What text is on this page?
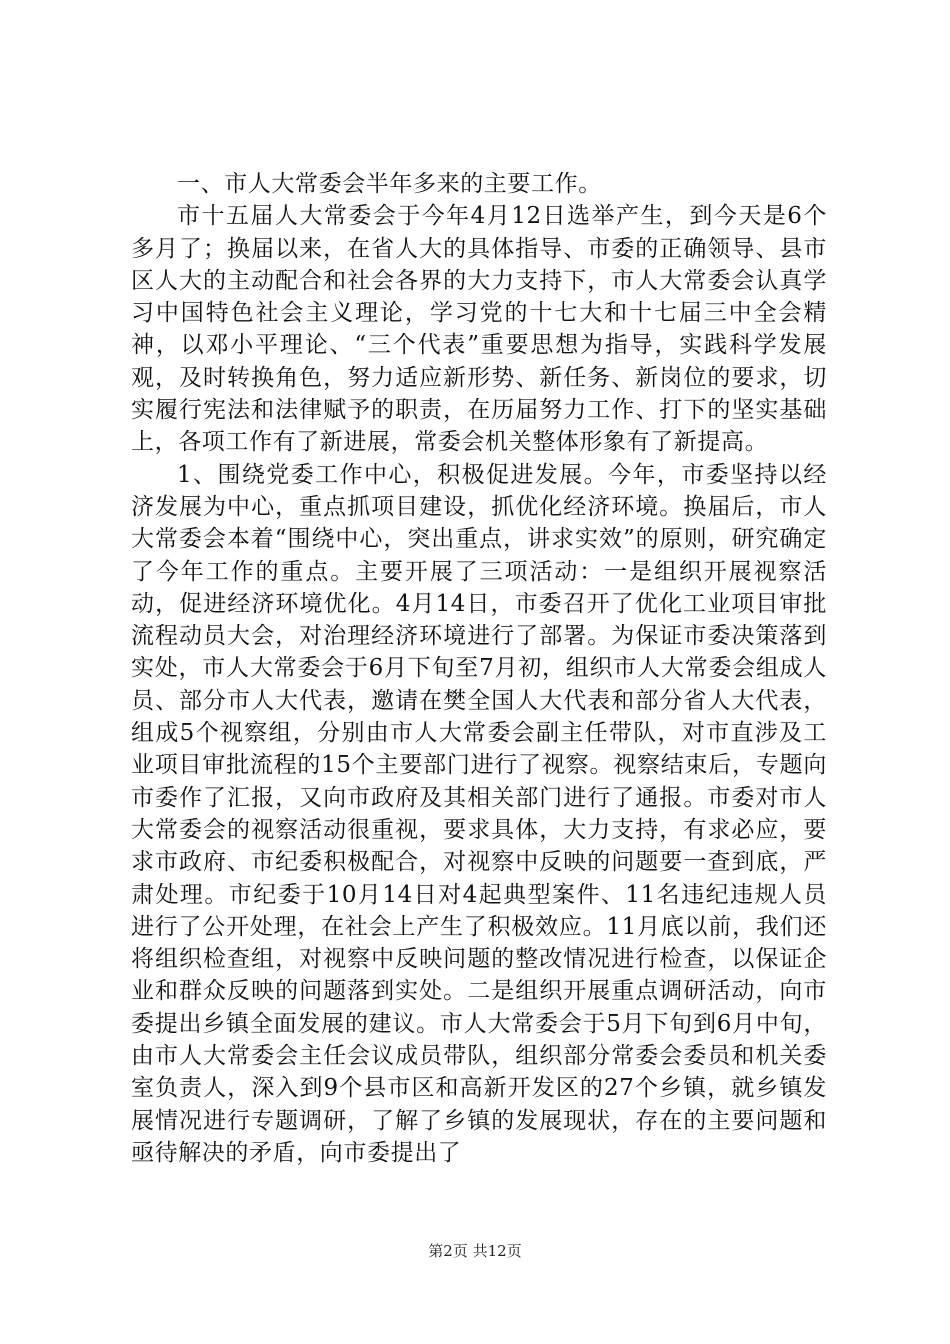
一、市人大常委会半年多来的主要工作。

市十五届人大常委会于今年4月12日选举产生，到今天是6个多月了；换届以来，在省人大的具体指导、市委的正确领导、县市区人大的主动配合和社会各界的大力支持下，市人大常委会认真学习中国特色社会主义理论，学习党的十七大和十七届三中全会精神，以邓小平理论、“三个代表”重要思想为指导，实践科学发展观，及时转换角色，努力适应新形势、新任务、新岗位的要求，切实履行宪法和法律赋予的职责，在历届努力工作、打下的坚实基础上，各项工作有了新进展，常委会机关整体形象有了新提高。

1、围绕党委工作中心，积极促进发展。今年，市委坚持以经济发展为中心，重点抓项目建设，抓优化经济环境。换届后，市人大常委会本着“围绕中心，突出重点，讲求实效”的原则，研究确定了今年工作的重点。主要开展了三项活动：一是组织开展视察活动，促进经济环境优化。4月14日，市委召开了优化工业项目审批流程动员大会，对治理经济环境进行了部署。为保证市委决策落到实处，市人大常委会于6月下旬至7月初，组织市人大常委会组成人员、部分市人大代表，邀请在樊全国人大代表和部分省人大代表，组成5个视察组，分别由市人大常委会副主任带队，对市直涉及工业项目审批流程的15个主要部门进行了视察。视察结束后，专题向市委作了汇报，又向市政府及其相关部门进行了通报。市委对市人大常委会的视察活动很重视，要求具体，大力支持，有求必应，要求市政府、市纪委积极配合，对视察中反映的问题要一查到底，严肃处理。市纪委于10月14日对4起典型案件、11名违纪违规人员进行了公开处理，在社会上产生了积极效应。11月底以前，我们还将组织检查组，对视察中反映问题的整改情况进行检查，以保证企业和群众反映的问题落到实处。二是组织开展重点调研活动，向市委提出乡镇全面发展的建议。市人大常委会于5月下旬到6月中旬，由市人大常委会主任会议成员带队，组织部分常委会委员和机关委室负责人，深入到9个县市区和高新开发区的27个乡镇，就乡镇发展情况进行专题调研，了解了乡镇的发展现状，存在的主要问题和亟待解决的矛盾，向市委提出了

第2页 共12页
